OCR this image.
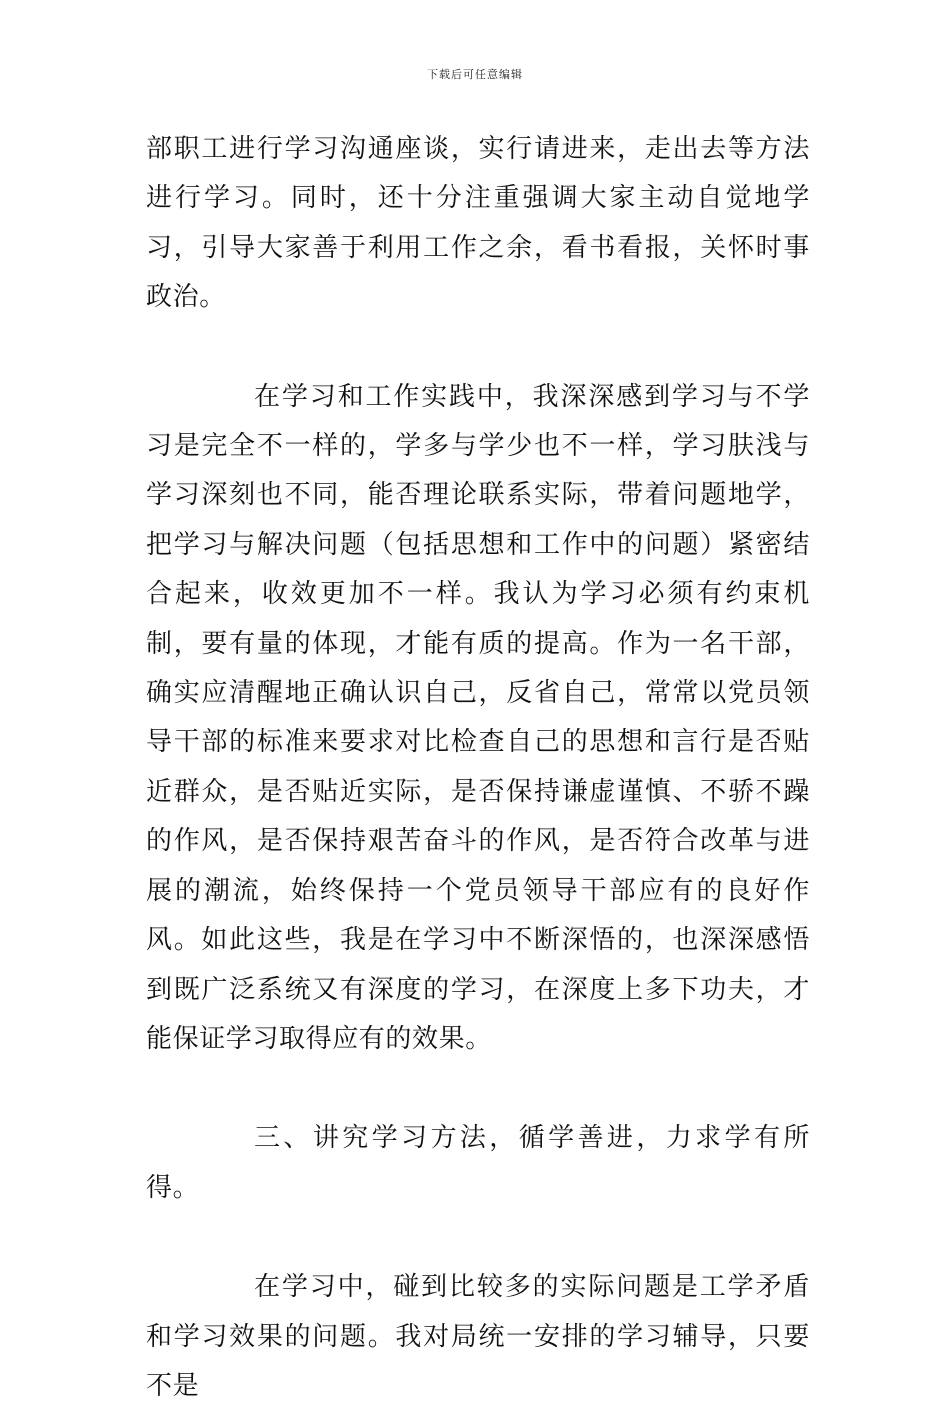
下载后可任意编辑

部职工进行学习沟通座谈，实行请进来，走出去等方法进行学习。同时，还十分注重强调大家主动自觉地学习，引导大家善于利用工作之余，看书看报，关怀时事政治。

在学习和工作实践中，我深深感到学习与不学习是完全不一样的，学多与学少也不一样，学习肤浅与学习深刻也不同，能否理论联系实际，带着问题地学，把学习与解决问题（包括思想和工作中的问题）紧密结合起来，收效更加不一样。我认为学习必须有约束机制，要有量的体现，才能有质的提高。作为一名干部，确实应清醒地正确认识自己，反省自己，常常以党员领导干部的标准来要求对比检查自己的思想和言行是否贴近群众，是否贴近实际，是否保持谦虚谨慎、不骄不躁的作风，是否保持艰苦奋斗的作风，是否符合改革与进展的潮流，始终保持一个党员领导干部应有的良好作风。如此这些，我是在学习中不断深悟的，也深深感悟到既广泛系统又有深度的学习，在深度上多下功夫，才能保证学习取得应有的效果。

三、讲究学习方法，循学善进，力求学有所得。

在学习中，碰到比较多的实际问题是工学矛盾和学习效果的问题。我对局统一安排的学习辅导，只要不是
